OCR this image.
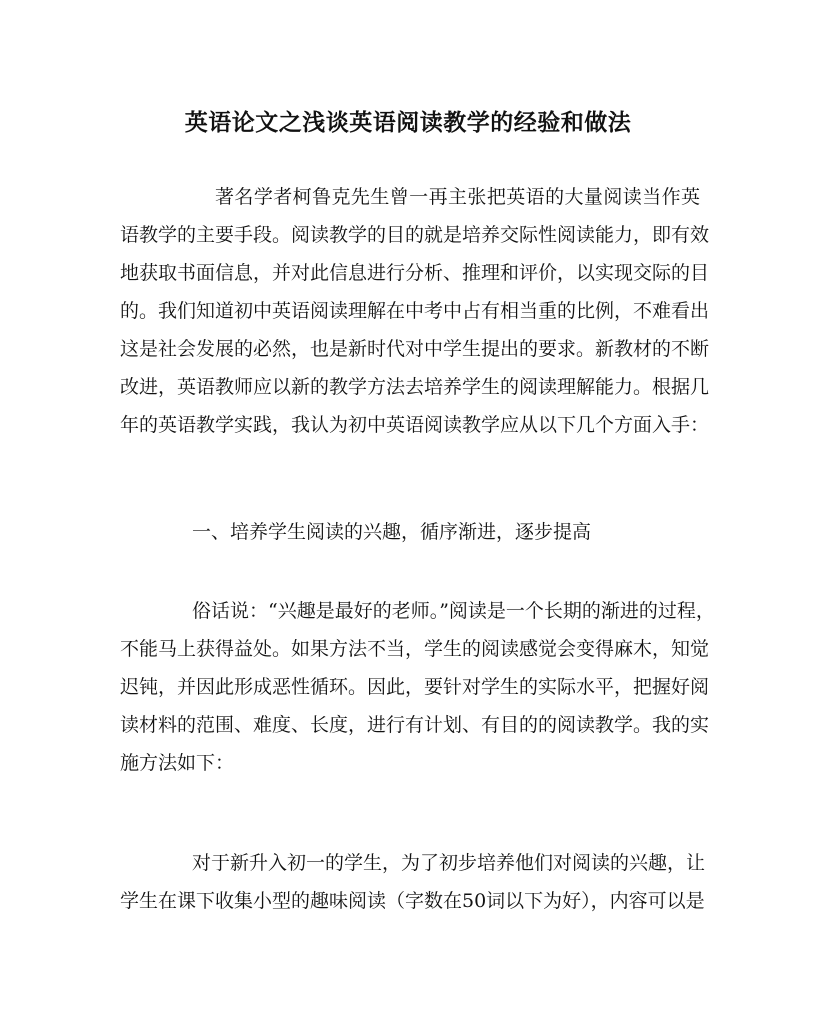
英语论文之浅谈英语阅读教学的经验和做法
著名学者柯鲁克先生曾一再主张把英语的大量阅读当作英
语教学的主要手段。阅读教学的目的就是培养交际性阅读能力，即有效
地获取书面信息，并对此信息进行分析、推理和评价，以实现交际的目
的。我们知道初中英语阅读理解在中考中占有相当重的比例，不难看出
这是社会发展的必然，也是新时代对中学生提出的要求。新教材的不断
改进，英语教师应以新的教学方法去培养学生的阅读理解能力。根据几
年的英语教学实践，我认为初中英语阅读教学应从以下几个方面入手：
一、培养学生阅读的兴趣，循序渐进，逐步提高
俗话说：“兴趣是最好的老师。”阅读是一个长期的渐进的过程，
不能马上获得益处。如果方法不当，学生的阅读感觉会变得麻木，知觉
迟钝，并因此形成恶性循环。因此，要针对学生的实际水平，把握好阅
读材料的范围、难度、长度，进行有计划、有目的的阅读教学。我的实
施方法如下：
对于新升入初一的学生，为了初步培养他们对阅读的兴趣，让
学生在课下收集小型的趣味阅读（字数在50词以下为好），内容可以是
